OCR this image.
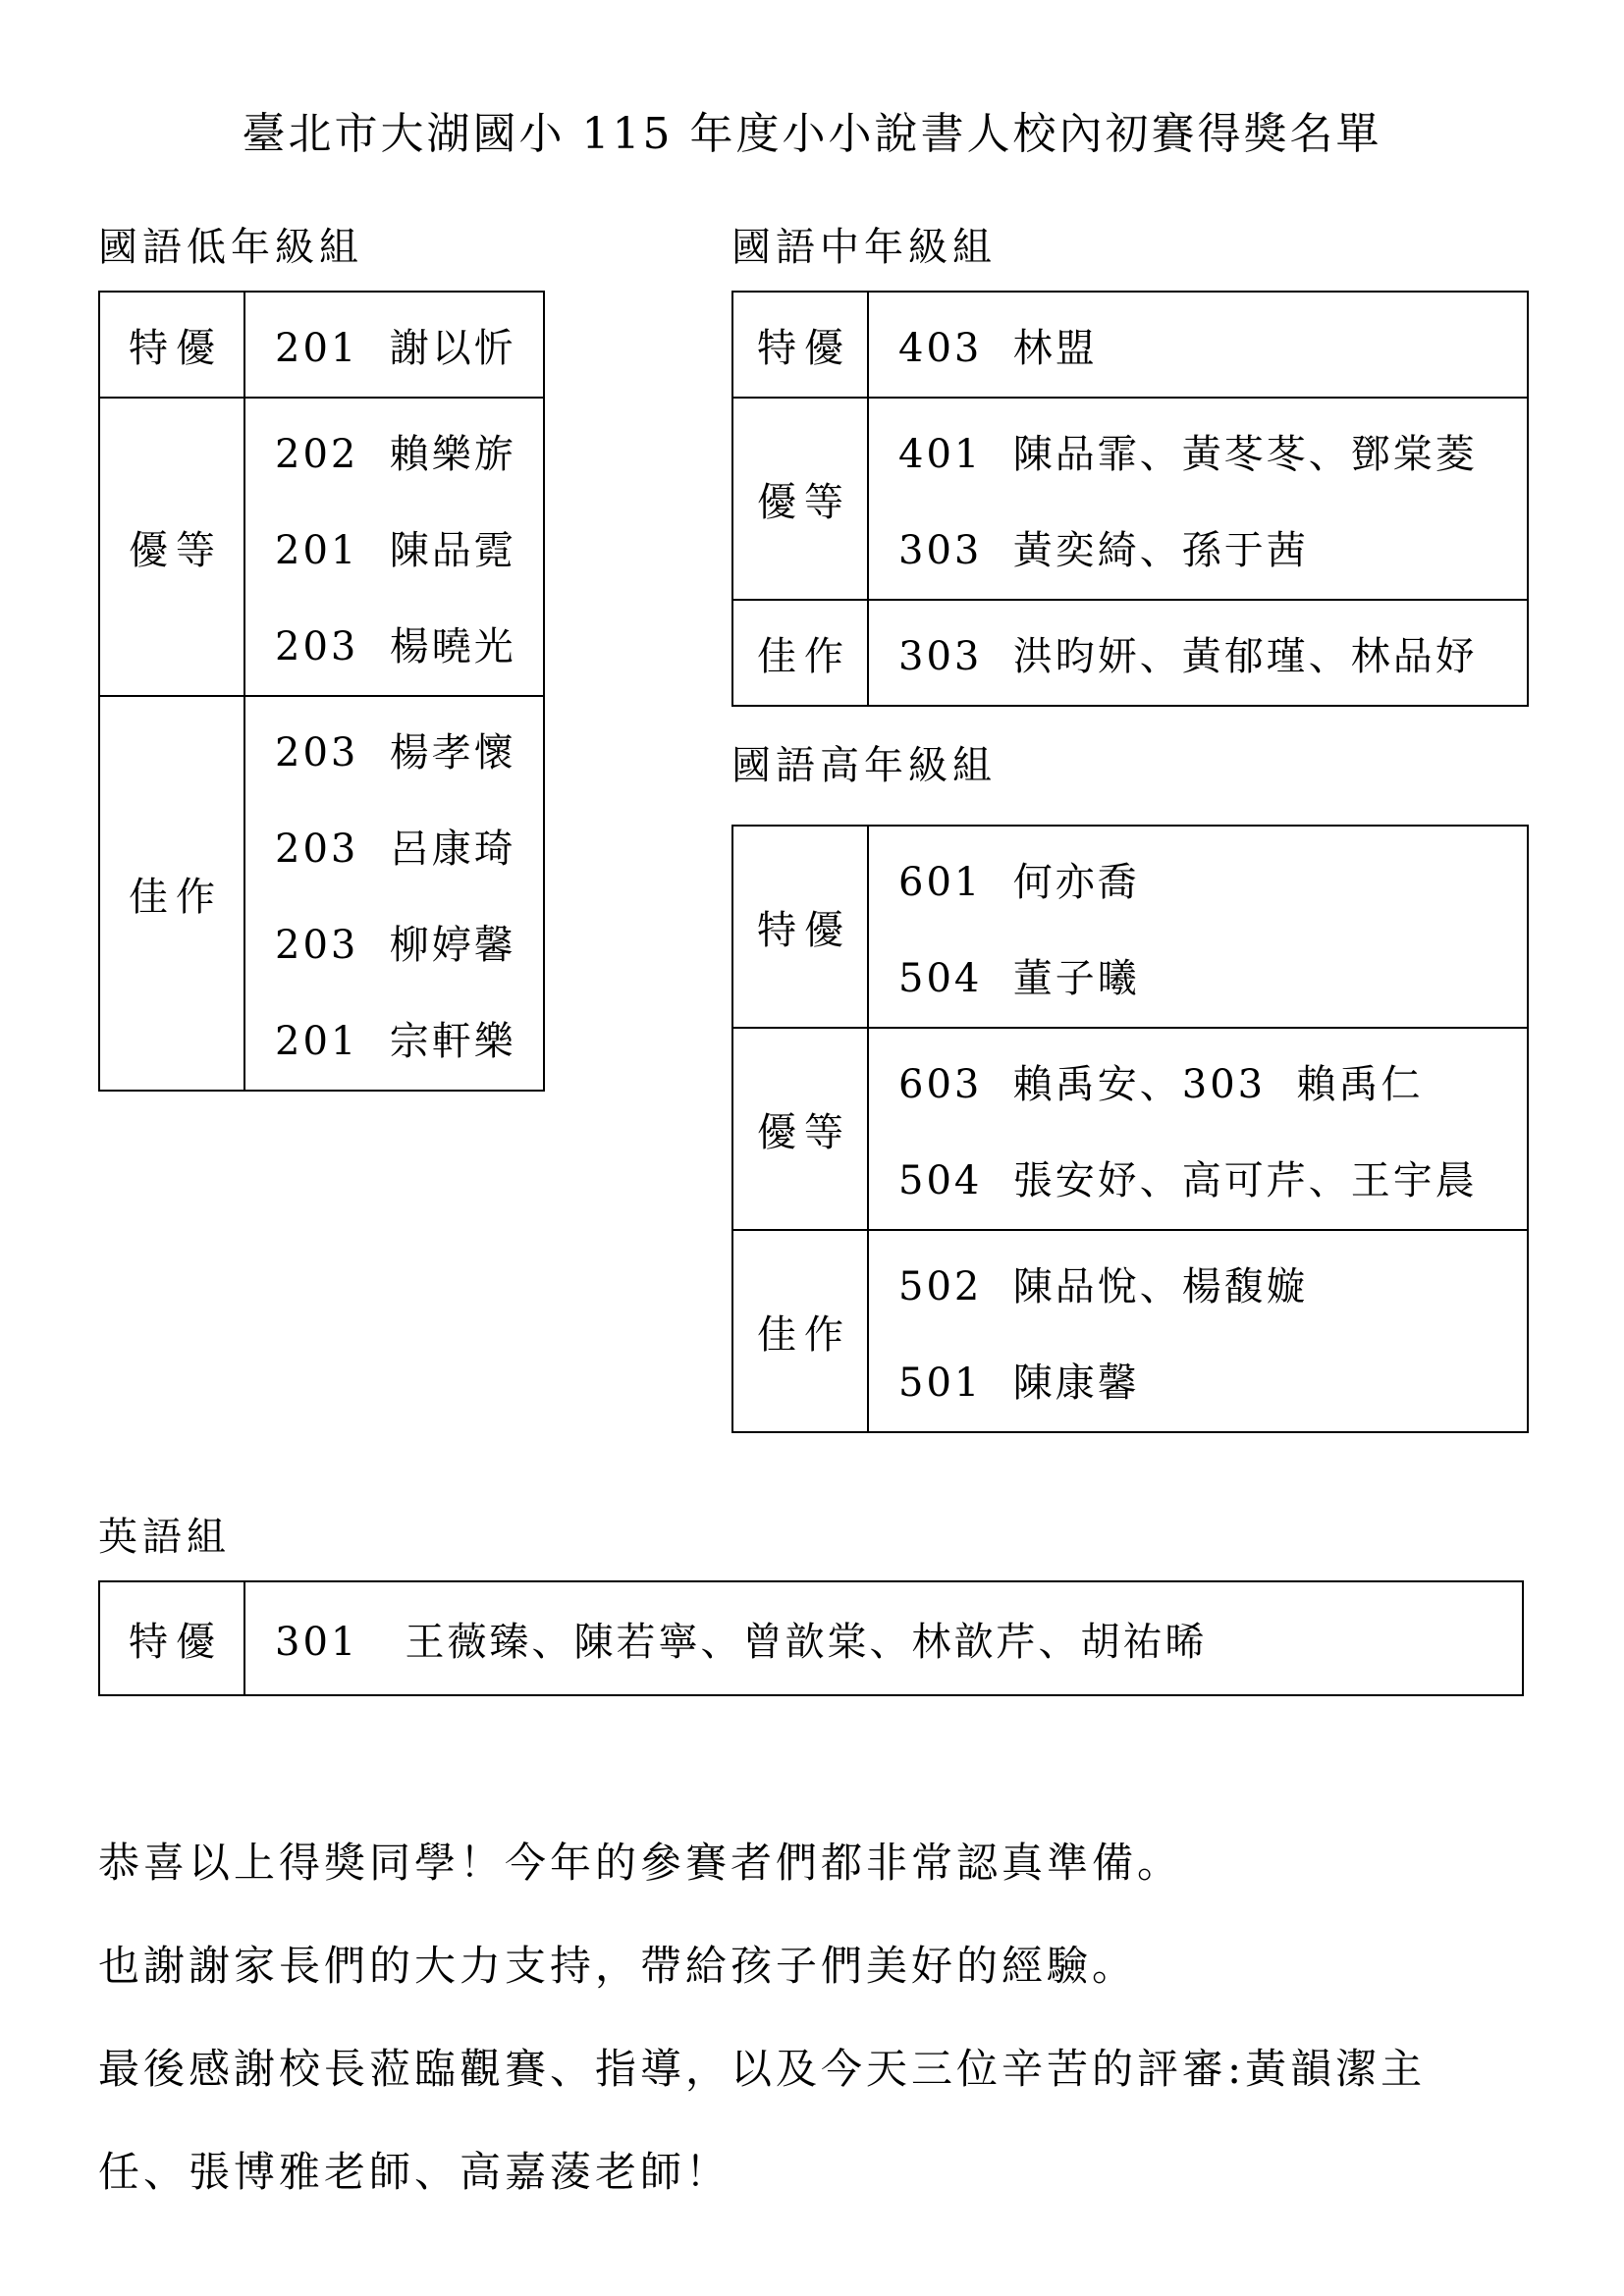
臺北市大湖國小 115 年度小小說書人校內初賽得獎名單
國語低年級組
特優	201  謝以忻

優等	202  賴樂旂
201  陳品霓
203  楊曉光

佳作	203  楊孝懷
203  呂康琦
203  柳婷馨
201  宗軒樂
國語中年級組
特優	403  林盟

優等	401  陳品霏、黃苳苳、鄧棠菱
303  黃奕綺、孫于茜

佳作	303  洪昀妍、黃郁瑾、林品妤
國語高年級組
特優	601  何亦喬
504  董子曦

優等	603  賴禹安、303  賴禹仁
504  張安妤、高可芹、王宇晨

佳作	502  陳品悅、楊馥嫙
501  陳康馨
英語組
特優	301   王薇臻、陳若寧、曾歆棠、林歆芹、胡祐晞

恭喜以上得獎同學！今年的參賽者們都非常認真準備。

也謝謝家長們的大力支持，帶給孩子們美好的經驗。

最後感謝校長蒞臨觀賽、指導，以及今天三位辛苦的評審:黃韻潔主任、張博雅老師、高嘉蔆老師！
